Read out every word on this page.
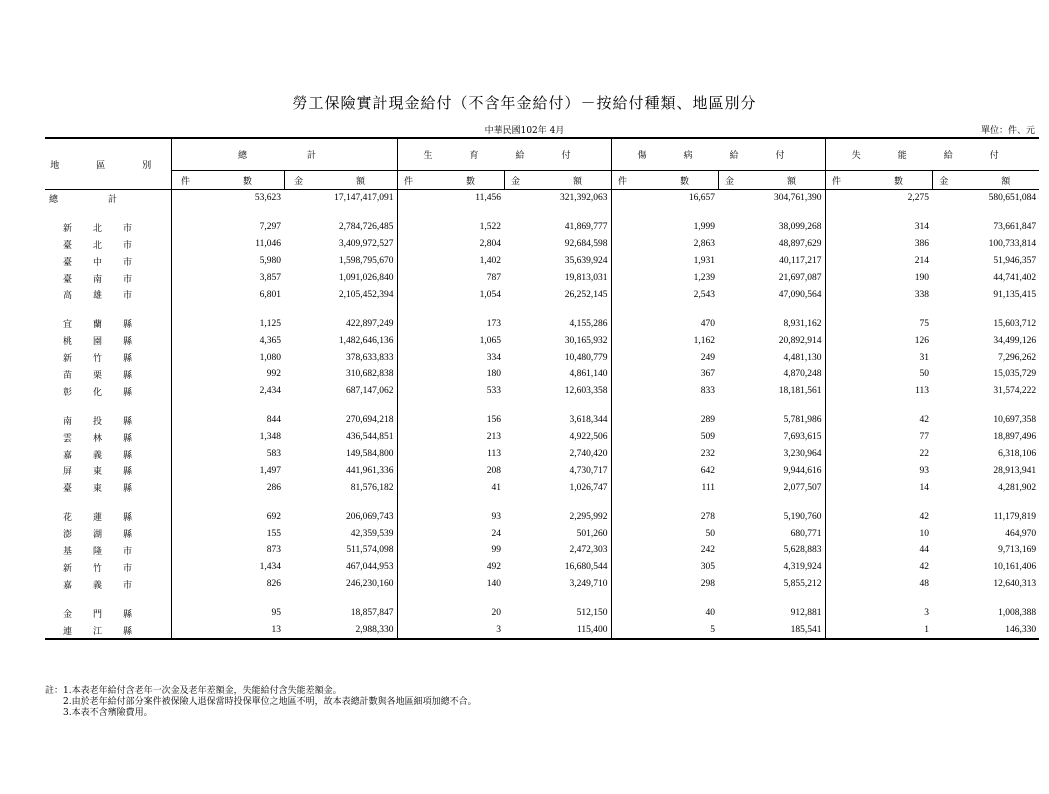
勞工保險實計現金給付（不含年金給付）－按給付種類、地區別分
中華民國102年 4月	單位：件、元
地　區　別	總　　計		生　育　給　付		傷　病　給　付		失　能　給　付	
	件　數	金　額	件　數	金　額	件　數	金　額	件　數	金　額

總 計	53,623	17,147,417,091	11,456	321,392,063	16,657	304,761,390	2,275	580,651,084

新 北 市	7,297	2,784,726,485	1,522	41,869,777	1,999	38,099,268	314	73,661,847

臺 北 市	11,046	3,409,972,527	2,804	92,684,598	2,863	48,897,629	386	100,733,814

臺 中 市	5,980	1,598,795,670	1,402	35,639,924	1,931	40,117,217	214	51,946,357

臺 南 市	3,857	1,091,026,840	787	19,813,031	1,239	21,697,087	190	44,741,402

高 雄 市	6,801	2,105,452,394	1,054	26,252,145	2,543	47,090,564	338	91,135,415

宜 蘭 縣	1,125	422,897,249	173	4,155,286	470	8,931,162	75	15,603,712

桃 園 縣	4,365	1,482,646,136	1,065	30,165,932	1,162	20,892,914	126	34,499,126

新 竹 縣	1,080	378,633,833	334	10,480,779	249	4,481,130	31	7,296,262

苗 栗 縣	992	310,682,838	180	4,861,140	367	4,870,248	50	15,035,729

彰 化 縣	2,434	687,147,062	533	12,603,358	833	18,181,561	113	31,574,222

南 投 縣	844	270,694,218	156	3,618,344	289	5,781,986	42	10,697,358

雲 林 縣	1,348	436,544,851	213	4,922,506	509	7,693,615	77	18,897,496

嘉 義 縣	583	149,584,800	113	2,740,420	232	3,230,964	22	6,318,106

屏 東 縣	1,497	441,961,336	208	4,730,717	642	9,944,616	93	28,913,941

臺 東 縣	286	81,576,182	41	1,026,747	111	2,077,507	14	4,281,902

花 蓮 縣	692	206,069,743	93	2,295,992	278	5,190,760	42	11,179,819

澎 湖 縣	155	42,359,539	24	501,260	50	680,771	10	464,970

基 隆 市	873	511,574,098	99	2,472,303	242	5,628,883	44	9,713,169

新 竹 市	1,434	467,044,953	492	16,680,544	305	4,319,924	42	10,161,406

嘉 義 市	826	246,230,160	140	3,249,710	298	5,855,212	48	12,640,313

金 門 縣	95	18,857,847	20	512,150	40	912,881	3	1,008,388

連 江 縣	13	2,988,330	3	115,400	5	185,541	1	146,330
註：1.本表老年給付含老年一次金及老年差額金，失能給付含失能差額金。
　　2.由於老年給付部分案件被保險人退保當時投保單位之地區不明，故本表總計數與各地區細項加總不合。
　　3.本表不含殯險費用。
